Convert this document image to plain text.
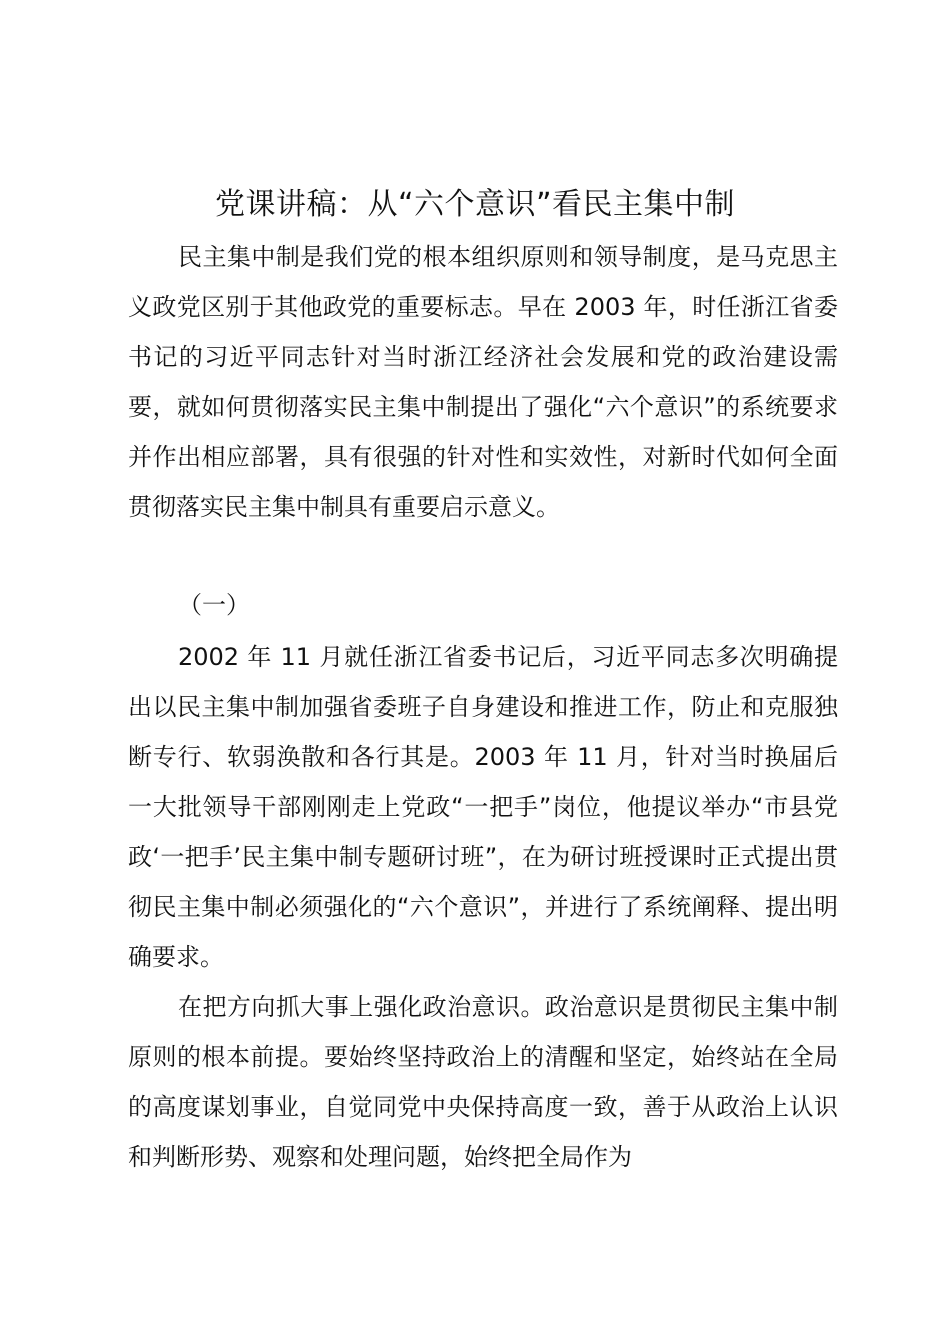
党课讲稿：从“六个意识”看民主集中制

民主集中制是我们党的根本组织原则和领导制度，是马克思主义政党区别于其他政党的重要标志。早在 2003 年，时任浙江省委书记的习近平同志针对当时浙江经济社会发展和党的政治建设需要，就如何贯彻落实民主集中制提出了强化“六个意识”的系统要求并作出相应部署，具有很强的针对性和实效性，对新时代如何全面贯彻落实民主集中制具有重要启示意义。

（一）

2002 年 11 月就任浙江省委书记后，习近平同志多次明确提出以民主集中制加强省委班子自身建设和推进工作，防止和克服独断专行、软弱涣散和各行其是。2003 年 11 月，针对当时换届后一大批领导干部刚刚走上党政“一把手”岗位，他提议举办“市县党政‘一把手’民主集中制专题研讨班”，在为研讨班授课时正式提出贯彻民主集中制必须强化的“六个意识”，并进行了系统阐释、提出明确要求。

在把方向抓大事上强化政治意识。政治意识是贯彻民主集中制原则的根本前提。要始终坚持政治上的清醒和坚定，始终站在全局的高度谋划事业，自觉同党中央保持高度一致，善于从政治上认识和判断形势、观察和处理问题，始终把全局作为
